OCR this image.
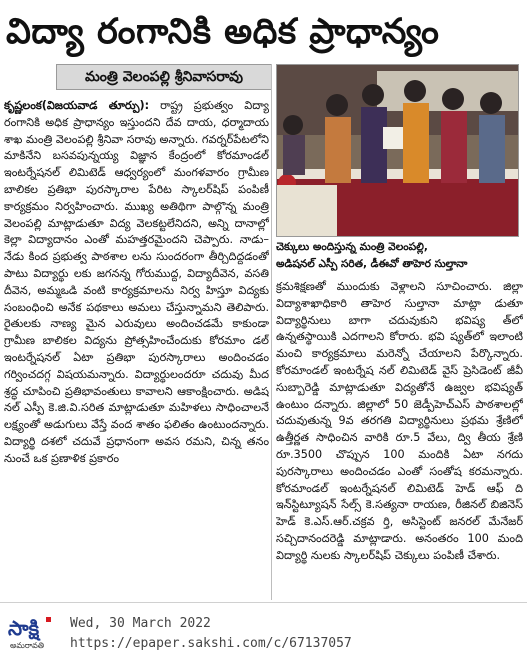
విద్యా రంగానికి అధిక ప్రాధాన్యం
మంత్రి వెలంపల్లి శ్రీనివాసరావు
కృష్ణలంక(విజయవాడ తూర్పు): రాష్ట్ర ప్రభుత్వం విద్యా రంగానికి అధిక ప్రాధాన్యం ఇస్తుందని దేవ దాయ, ధర్మాదాయ శాఖ మంత్రి వెలంపల్లి శ్రీనివా సరావు అన్నారు. గవర్నర్‌పేటలోని మాకినేని బసవపున్నయ్య విజ్ఞాన కేంద్రంలో కోరమాండల్ ఇంటర్నేషనల్ లిమిటెడ్ ఆధ్వర్యంలో మంగళవారం గ్రామీణ బాలికల ప్రతిభా పురస్కారాల పేరిట స్కాలర్‌షిప్ పంపిణీ కార్యక్రమం నిర్వహించారు. ముఖ్య అతిథిగా పాల్గొన్న మంత్రి వెలంపల్లి మాట్లాడుతూ విద్య వెలకట్టలేనిదని, అన్ని దానాల్లో కెల్లా విద్యాదానం ఎంతో మహత్తరమైందని చెప్పారు. నాడు–నేడు కింద ప్రభుత్వ పాఠశాల లను సుందరంగా తీర్చిదిద్దడంతో పాటు విద్యార్థు లకు జగనన్న గోరుముద్ద, విద్యాదీవెన, వసతి దీవెన, అమ్మఒడి వంటి కార్యక్రమాలను నిర్వ హిస్తూ విద్యకు సంబంధించి అనేక పథకాలు అమలు చేస్తున్నామని తెలిపారు. రైతులకు నాణ్య మైన ఎరువులు అందించడమే కాకుండా గ్రామీణ బాలికల విద్యను ప్రోత్సహించేందుకు కోరమాం డల్ ఇంటర్నేషనల్ ఏటా ప్రతిభా పురస్కారాలు అందించడం గర్వించదగ్గ విషయమన్నారు. విద్యార్థులందరూ చదువు మీద శ్రద్ధ చూపించి ప్రతిభావంతులు కావాలని ఆకాంక్షించారు. అడిష నల్ ఎస్పీ కె.జి.వి.సరిత మాట్లాడుతూ మహిళలు సాధించాలనే లక్ష్యంతో అడుగులు వేస్తే వంద శాతం ఫలితం ఉంటుందన్నారు. విద్యార్థి దశలో చదువే ప్రధానంగా అవస రమని, చిన్న తనం నుంచే ఒక ప్రణాళిక ప్రకారం
చెక్కులు అందిస్తున్న మంత్రి వెలంపల్లి,
అడిషనల్ ఎస్పీ సరిత, డీఈవో తాహెర సుల్తానా
క్రమశిక్షణతో ముందుకు వెళ్లాలని సూచించారు. జిల్లా విద్యాశాఖాధికారి తాహెర సుల్తానా మాట్లా డుతూ విద్యార్థినులు బాగా చదువుకుని భవిష్య త్‌లో ఉన్నతస్థాయికి ఎదగాలని కోరారు. భవి ష్యత్‌లో ఇలాంటి మంచి కార్యక్రమాలు మరెన్నో చేయాలని పేర్కొన్నారు. కోరమాండల్ ఇంటర్నేష నల్ లిమిటెడ్ వైస్ ప్రెసిడెంట్ జీవీ సుబ్బారెడ్డి మాట్లాడుతూ విద్యతోనే ఉజ్వల భవిష్యత్ ఉంటుం దన్నారు. జిల్లాలో 50 జెడ్పీహెచ్ఎస్ పాఠశాలల్లో చదువుతున్న 9వ తరగతి విద్యార్థినులు ప్రథమ శ్రేణిలో ఉత్తీర్ణత సాధించిన వారికి రూ.5 వేలు, ద్వి తీయ శ్రేణి రూ.3500 చొప్పున 100 మందికి ఏటా నగదు పురస్కారాలు అందించడం ఎంతో సంతోష కరమన్నారు. కోరమాండల్ ఇంటర్నేషనల్ లిమిటెడ్ హెడ్ ఆఫ్ ది ఇన్‌స్టిట్యూషన్ సేల్స్ కె.సత్యనా రాయణ, రీజినల్ బిజినెస్ హెడ్ కె.ఎస్.ఆర్.చక్రవ ర్తి, అసిస్టెంట్ జనరల్ మేనేజర్ సచ్చిదానందరెడ్డి మాట్లాడారు. అనంతరం 100 మంది విద్యార్థి నులకు స్కాలర్‌షిప్ చెక్కులు పంపిణీ చేశారు.
సాక్షి
అమరావతి
Wed, 30 March 2022
https://epaper.sakshi.com/c/67137057
